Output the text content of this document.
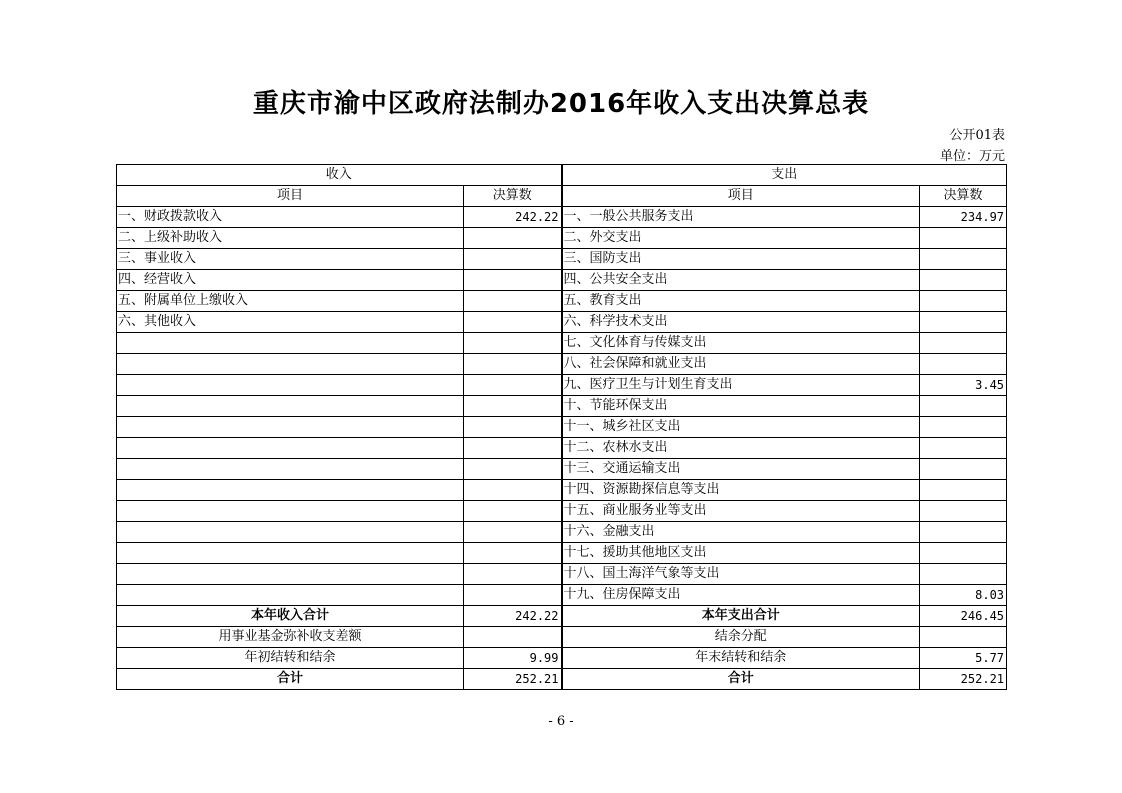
重庆市渝中区政府法制办2016年收入支出决算总表
公开01表
单位：万元
收入		支出	
项目	决算数	项目	决算数
一、财政拨款收入	242.22	一、一般公共服务支出	234.97
二、上级补助收入		二、外交支出	
三、事业收入		三、国防支出	
四、经营收入		四、公共安全支出	
五、附属单位上缴收入		五、教育支出	
六、其他收入		六、科学技术支出	
		七、文化体育与传媒支出	
		八、社会保障和就业支出	
		九、医疗卫生与计划生育支出	3.45
		十、节能环保支出	
		十一、城乡社区支出	
		十二、农林水支出	
		十三、交通运输支出	
		十四、资源勘探信息等支出	
		十五、商业服务业等支出	
		十六、金融支出	
		十七、援助其他地区支出	
		十八、国土海洋气象等支出	
		十九、住房保障支出	8.03
本年收入合计	242.22	本年支出合计	246.45
用事业基金弥补收支差额		结余分配	
年初结转和结余	9.99	年末结转和结余	5.77
合计	252.21	合计	252.21
- 6 -
